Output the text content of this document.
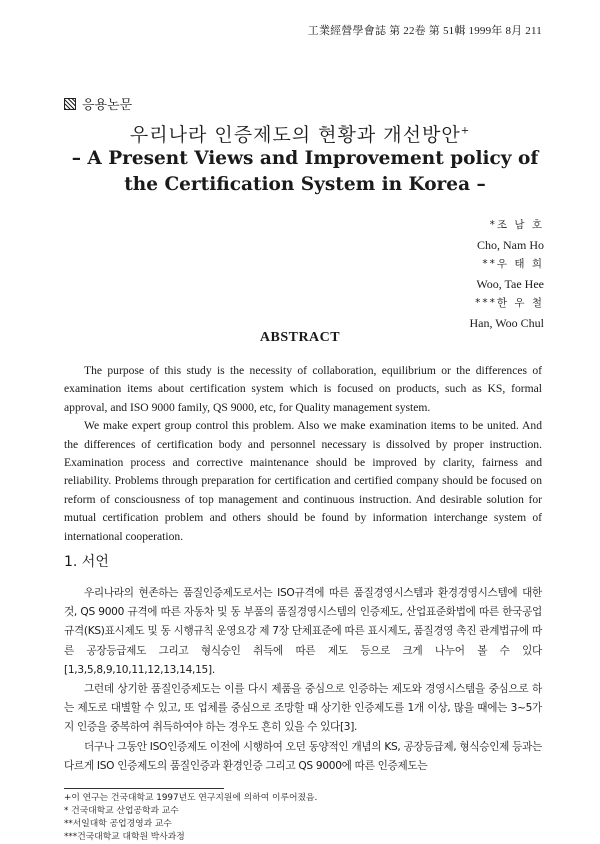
工業經營學會誌 第 22卷 第 51輯 1999年 8月 211
응용논문
우리나라 인증제도의 현황과 개선방안+
– A Present Views and Improvement policy of the Certification System in Korea –
*조 남 호
Cho, Nam Ho
**우 태 희
Woo, Tae Hee
***한 우 철
Han, Woo Chul
ABSTRACT

The purpose of this study is the necessity of collaboration, equilibrium or the differences of examination items about certification system which is focused on products, such as KS, formal approval, and ISO 9000 family, QS 9000, etc, for Quality management system.

We make expert group control this problem. Also we make examination items to be united. And the differences of certification body and personnel necessary is dissolved by proper instruction. Examination process and corrective maintenance should be improved by clarity, fairness and reliability. Problems through preparation for certification and certified company should be focused on reform of consciousness of top management and continuous instruction. And desirable solution for mutual certification problem and others should be found by information interchange system of international cooperation.

1. 서언

우리나라의 현존하는 품질인증제도로서는 ISO규격에 따른 품질경영시스템과 환경경영시스템에 대한 것, QS 9000 규격에 따른 자동차 및 동 부품의 품질경영시스템의 인증제도, 산업표준화법에 따른 한국공업규격(KS)표시제도 및 동 시행규칙 운영요강 제 7장 단체표준에 따른 표시제도, 품질경영 촉진 관계법규에 따른 공장등급제도 그리고 형식승인 취득에 따른 제도 등으로 크게 나누어 볼 수 있다[1,3,5,8,9,10,11,12,13,14,15].

그런데 상기한 품질인증제도는 이를 다시 제품을 중심으로 인증하는 제도와 경영시스템을 중심으로 하는 제도로 대별할 수 있고, 또 업체를 중심으로 조망할 때 상기한 인증제도를 1개 이상, 많을 때에는 3~5가지 인증을 중복하여 취득하여야 하는 경우도 흔히 있을 수 있다[3].

더구나 그동안 ISO인증제도 이전에 시행하여 오던 동양적인 개념의 KS, 공장등급제, 형식승인제 등과는 다르게 ISO 인증제도의 품질인증과 환경인증 그리고 QS 9000에 따른 인증제도는

+이 연구는 건국대학교 1997년도 연구지원에 의하여 이루어졌음.
* 건국대학교 산업공학과 교수
**서일대학 공업경영과 교수
***건국대학교 대학원 박사과정
